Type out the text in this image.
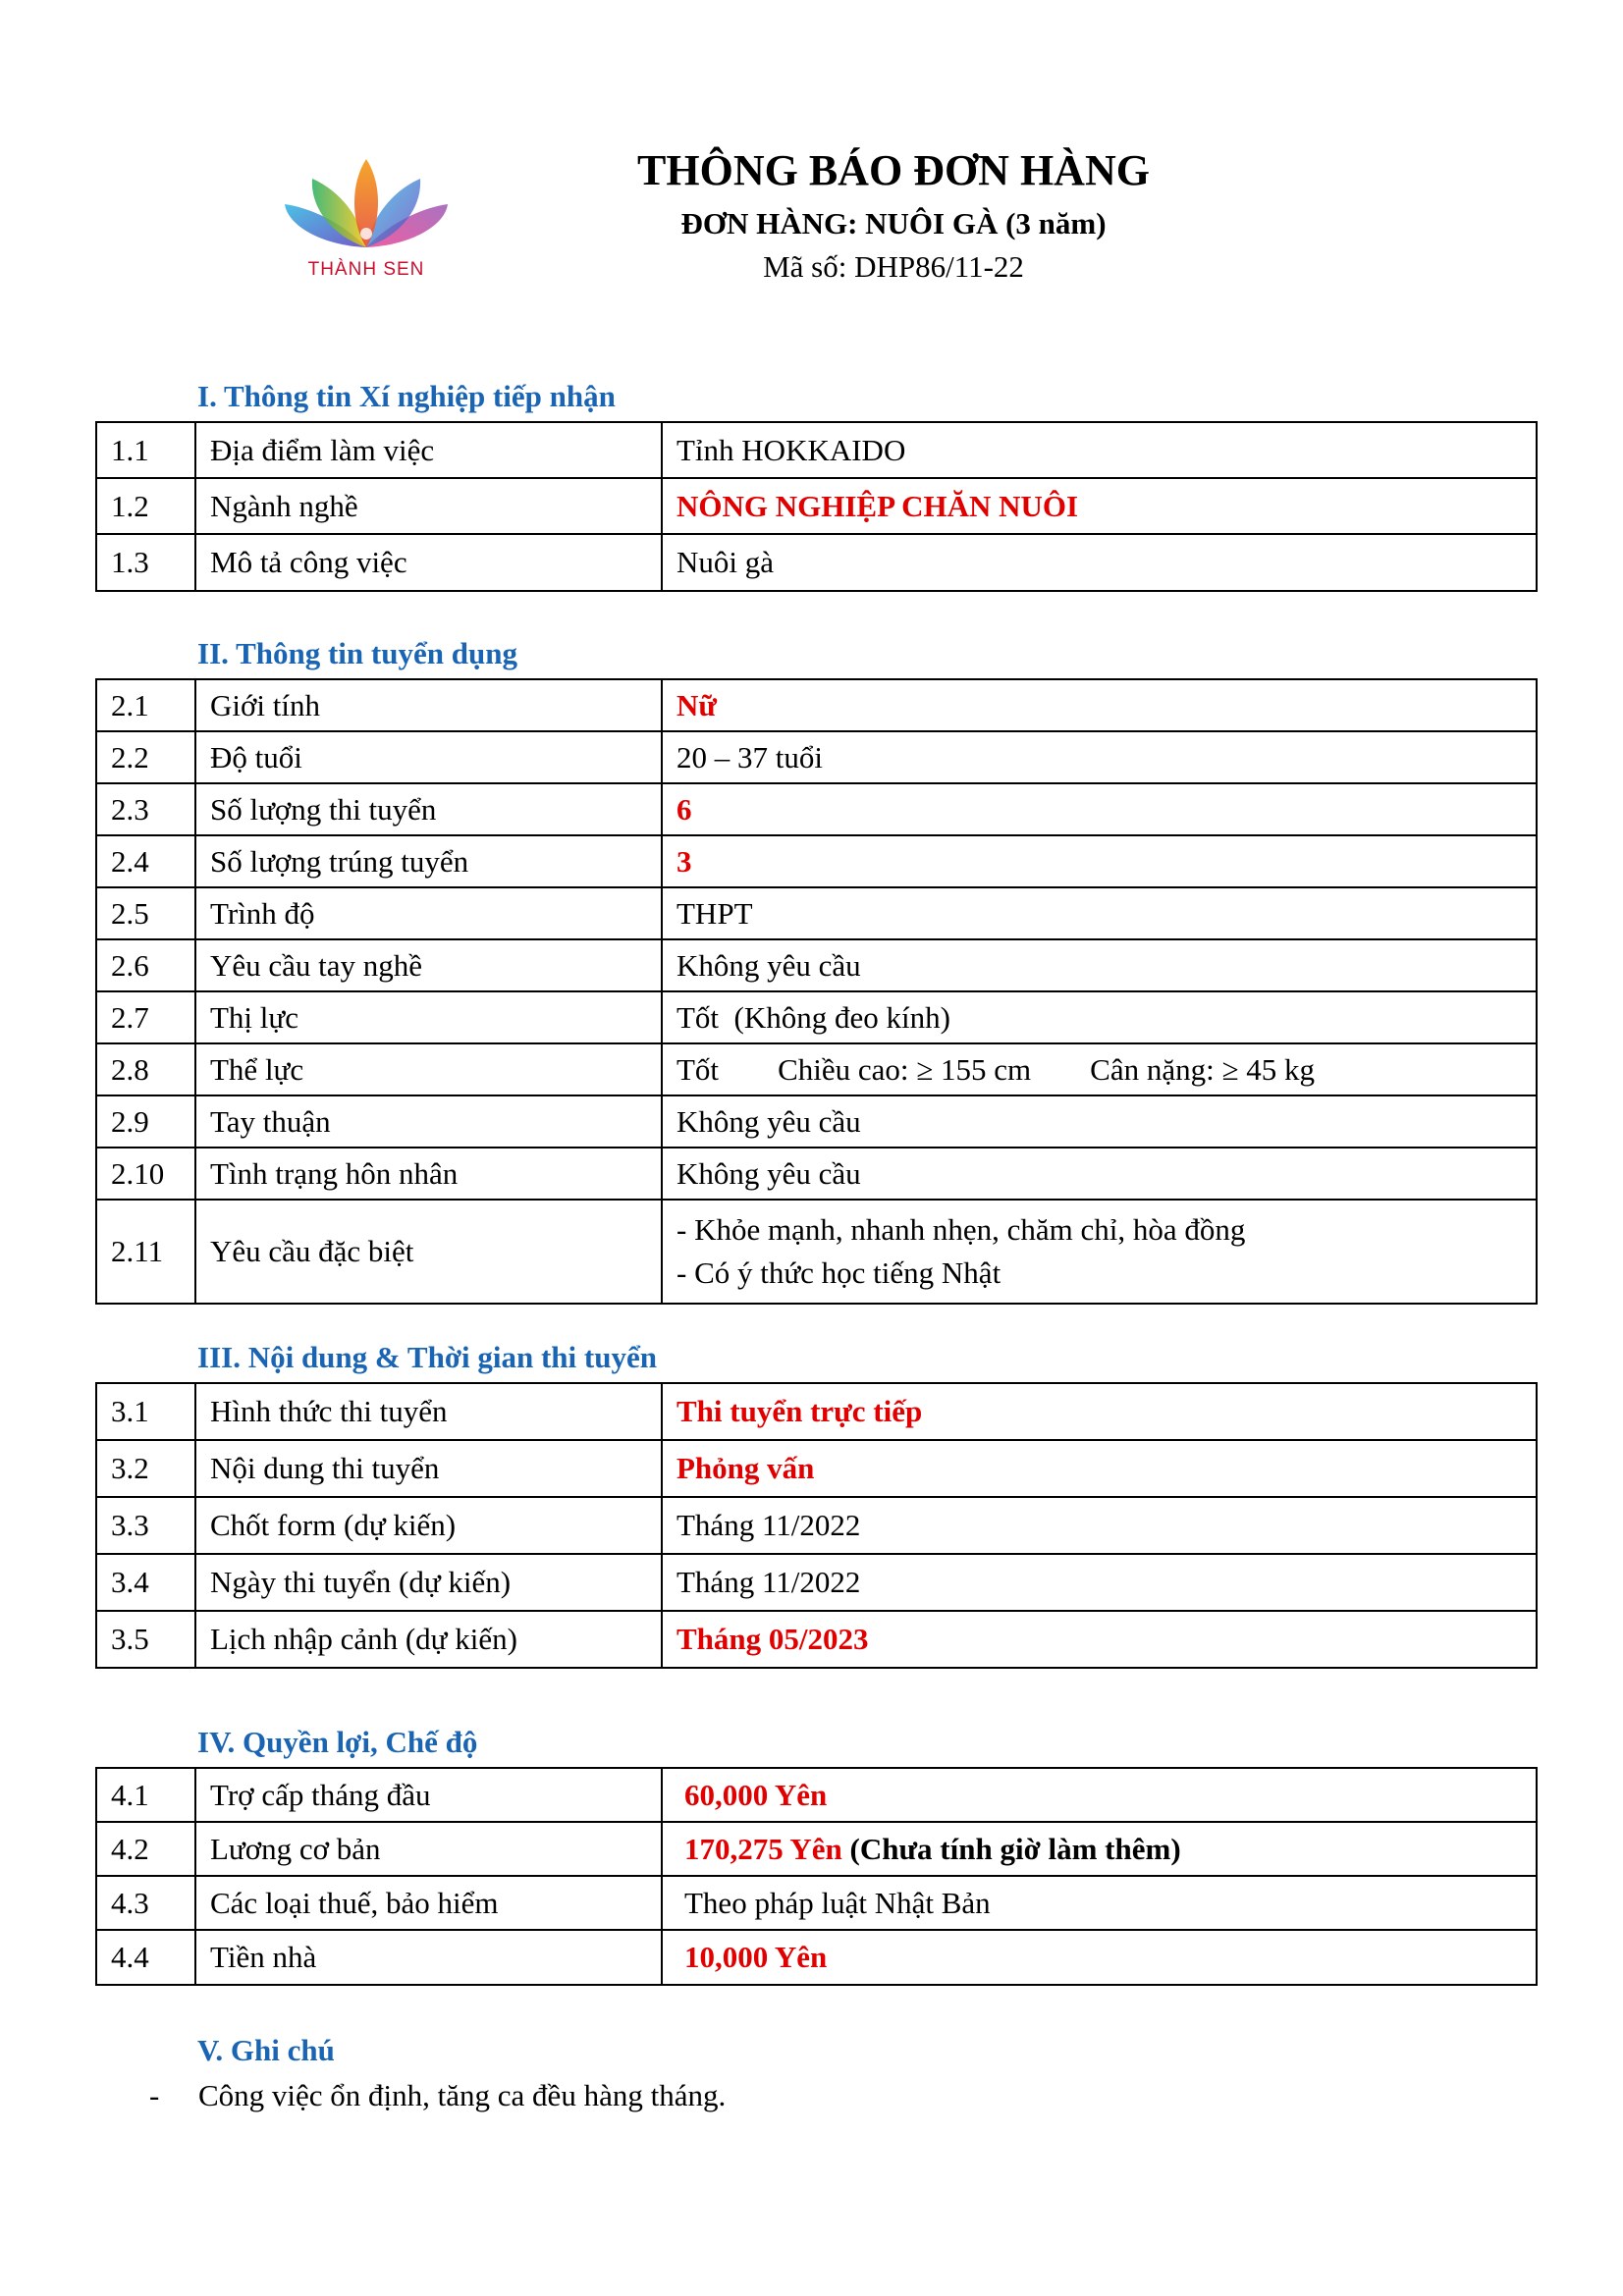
THÀNH SEN
THÔNG BÁO ĐƠN HÀNG
ĐƠN HÀNG: NUÔI GÀ (3 năm)
Mã số: DHP86/11-22
I. Thông tin Xí nghiệp tiếp nhận
1.1	Địa điểm làm việc	Tỉnh HOKKAIDO
1.2	Ngành nghề	NÔNG NGHIỆP CHĂN NUÔI
1.3	Mô tả công việc	Nuôi gà
II. Thông tin tuyển dụng
2.1	Giới tính	Nữ
2.2	Độ tuổi	20 – 37 tuổi
2.3	Số lượng thi tuyển	6
2.4	Số lượng trúng tuyển	3
2.5	Trình độ	THPT
2.6	Yêu cầu tay nghề	Không yêu cầu
2.7	Thị lực	Tốt  (Không đeo kính)
2.8	Thể lực	Tốt Chiều cao: ≥ 155 cm Cân nặng: ≥ 45 kg
2.9	Tay thuận	Không yêu cầu
2.10	Tình trạng hôn nhân	Không yêu cầu
2.11	Yêu cầu đặc biệt	- Khỏe mạnh, nhanh nhẹn, chăm chỉ, hòa đồng
- Có ý thức học tiếng Nhật
III. Nội dung & Thời gian thi tuyển
3.1	Hình thức thi tuyển	Thi tuyển trực tiếp
3.2	Nội dung thi tuyển	Phỏng vấn
3.3	Chốt form (dự kiến)	Tháng 11/2022
3.4	Ngày thi tuyển (dự kiến)	Tháng 11/2022
3.5	Lịch nhập cảnh (dự kiến)	Tháng 05/2023
IV. Quyền lợi, Chế độ
4.1	Trợ cấp tháng đầu	60,000 Yên
4.2	Lương cơ bản	170,275 Yên (Chưa tính giờ làm thêm)
4.3	Các loại thuế, bảo hiểm	Theo pháp luật Nhật Bản
4.4	Tiền nhà	10,000 Yên
V. Ghi chú
- Công việc ổn định, tăng ca đều hàng tháng.
